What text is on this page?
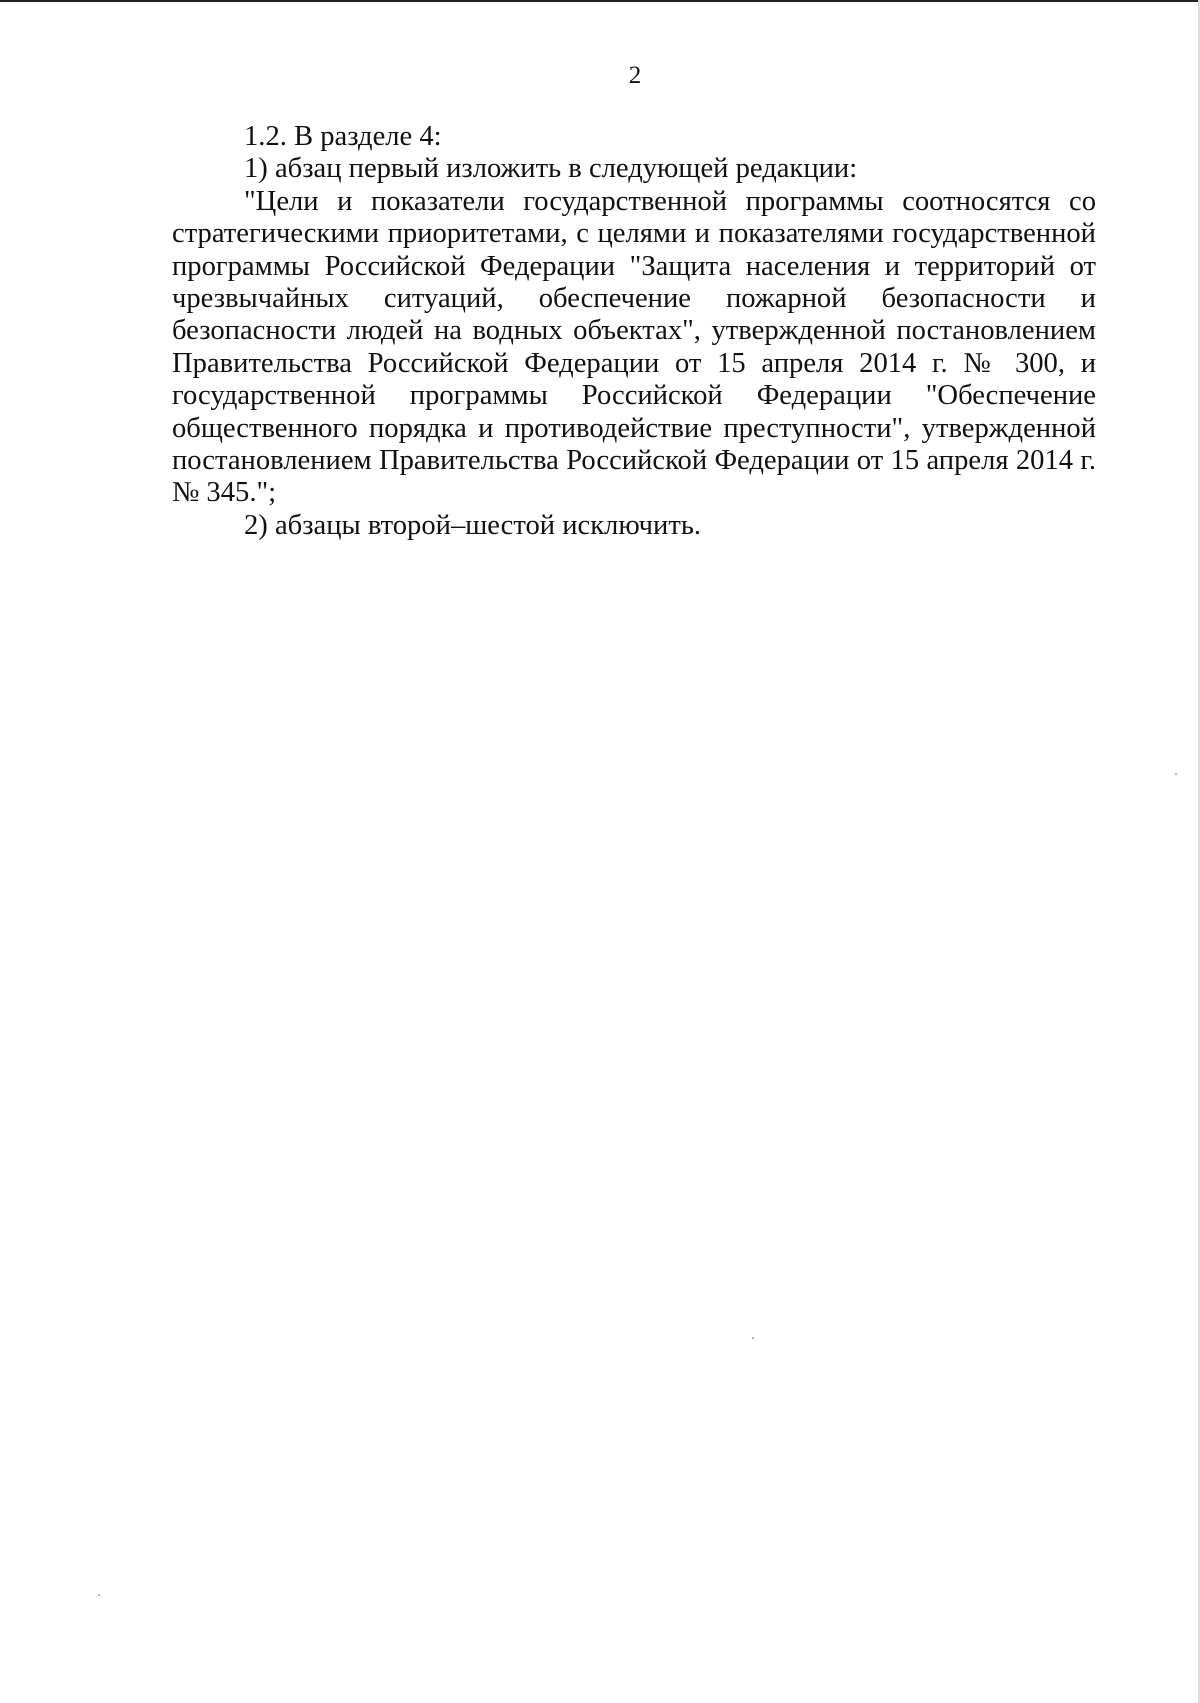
2

1.2. В разделе 4:

1) абзац первый изложить в следующей редакции:

"Цели и показатели государственной программы соотносятся со стратегическими приоритетами, с целями и показателями государственной программы Российской Федерации "Защита населения и территорий от чрезвычайных ситуаций, обеспечение пожарной безопасности и безопасности людей на водных объектах", утвержденной постановлением Правительства Российской Федерации от 15 апреля 2014 г. № 300, и государственной программы Российской Федерации "Обеспечение общественного порядка и противодействие преступности", утвержденной постановлением Правительства Российской Федерации от 15 апреля 2014 г. № 345.";

2) абзацы второй–шестой исключить.
